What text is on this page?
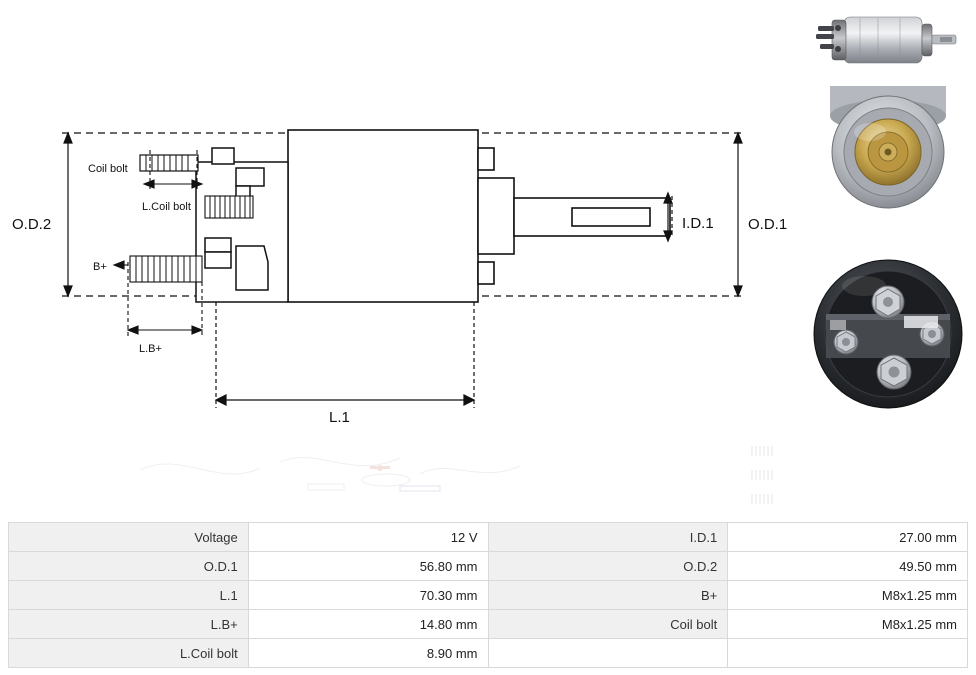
O.D.2	O.D.1
Coil bolt
L.Coil bolt
B+
L.B+
I.D.1
L.1
Voltage	12 V	I.D.1	27.00 mm
O.D.1	56.80 mm	O.D.2	49.50 mm
L.1	70.30 mm	B+	M8x1.25 mm
L.B+	14.80 mm	Coil bolt	M8x1.25 mm
L.Coil bolt	8.90 mm		
